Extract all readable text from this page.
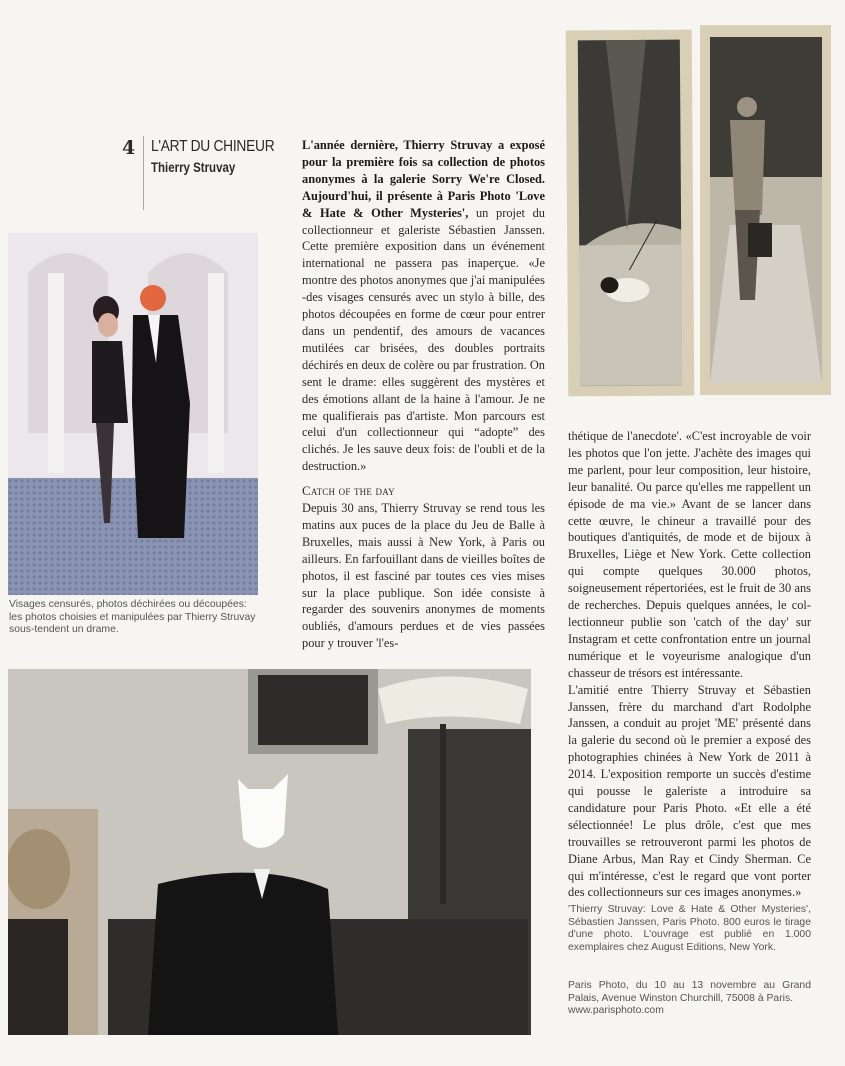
4 L'ART DU CHINEUR
Thierry Struvay
Visages censurés, photos déchirées ou découpées: les photos choisies et manipulées par Thierry Struvay sous-tendent un drame.

L'année dernière, Thierry Struvay a exposé pour la première fois sa collection de photos anonymes à la galerie Sorry We're Closed. Aujourd'hui, il présente à Paris Photo 'Love & Hate & Other Mysteries', un projet du collectionneur et galeriste Sébastien Janssen. Cette première exposition dans un événement international ne passera pas inaperçue. «Je montre des photos anonymes que j'ai manipulées -des visages censurés avec un stylo à bille, des photos découpées en forme de cœur pour entrer dans un pendentif, des amours de vacances mutilées car brisées, des doubles portraits déchirés en deux de colère ou par frustration. On sent le drame: elles suggèrent des mystères et des émotions allant de la haine à l'amour. Je ne me qualifierais pas d'artiste. Mon parcours est celui d'un collectionneur qui “adopte” des clichés. Je les sauve deux fois: de l'oubli et de la destruction.»

Catch of the day

Depuis 30 ans, Thierry Struvay se rend tous les matins aux puces de la place du Jeu de Balle à Bruxelles, mais aussi à New York, à Paris ou ailleurs. En farfouillant dans de vieilles boîtes de photos, il est fasciné par toutes ces vies mises sur la place publique. Son idée consiste à regarder des souvenirs anonymes de moments oubliés, d'amours perdues et de vies passées pour y trouver 'l'es-

thétique de l'anecdote'. «C'est incroyable de voir les photos que l'on jette. J'achète des images qui me parlent, pour leur composition, leur histoire, leur banalité. Ou parce qu'elles me rappellent un épisode de ma vie.» Avant de se lancer dans cette œuvre, le chineur a travaillé pour des boutiques d'antiquités, de mode et de bijoux à Bruxelles, Liège et New York. Cette collection qui compte quelques 30.000 photos, soigneusement répertoriées, est le fruit de 30 ans de recherches. Depuis quelques années, le collectionneur publie son 'catch of the day' sur Instagram et cette confrontation entre un journal numérique et le voyeurisme analogique d'un chasseur de trésors est intéressante.

L'amitié entre Thierry Struvay et Sébastien Janssen, frère du marchand d'art Rodolphe Janssen, a conduit au projet 'ME' présenté dans la galerie du second où le premier a exposé des photographies chinées à New York de 2011 à 2014. L'exposition remporte un succès d'estime qui pousse le galeriste a introduire sa candidature pour Paris Photo. «Et elle a été sélectionnée! Le plus drôle, c'est que mes trouvailles se retrouveront parmi les photos de Diane Arbus, Man Ray et Cindy Sherman. Ce qui m'intéresse, c'est le regard que vont porter des collectionneurs sur ces images anonymes.»

'Thierry Struvay: Love & Hate & Other Mysteries', Sébastien Janssen, Paris Photo. 800 euros le tirage d'une photo. L'ouvrage est publié en 1.000 exemplaires chez August Editions, New York.

Paris Photo, du 10 au 13 novembre au Grand Palais, Avenue Winston Churchill, 75008 à Paris.

www.parisphoto.com
